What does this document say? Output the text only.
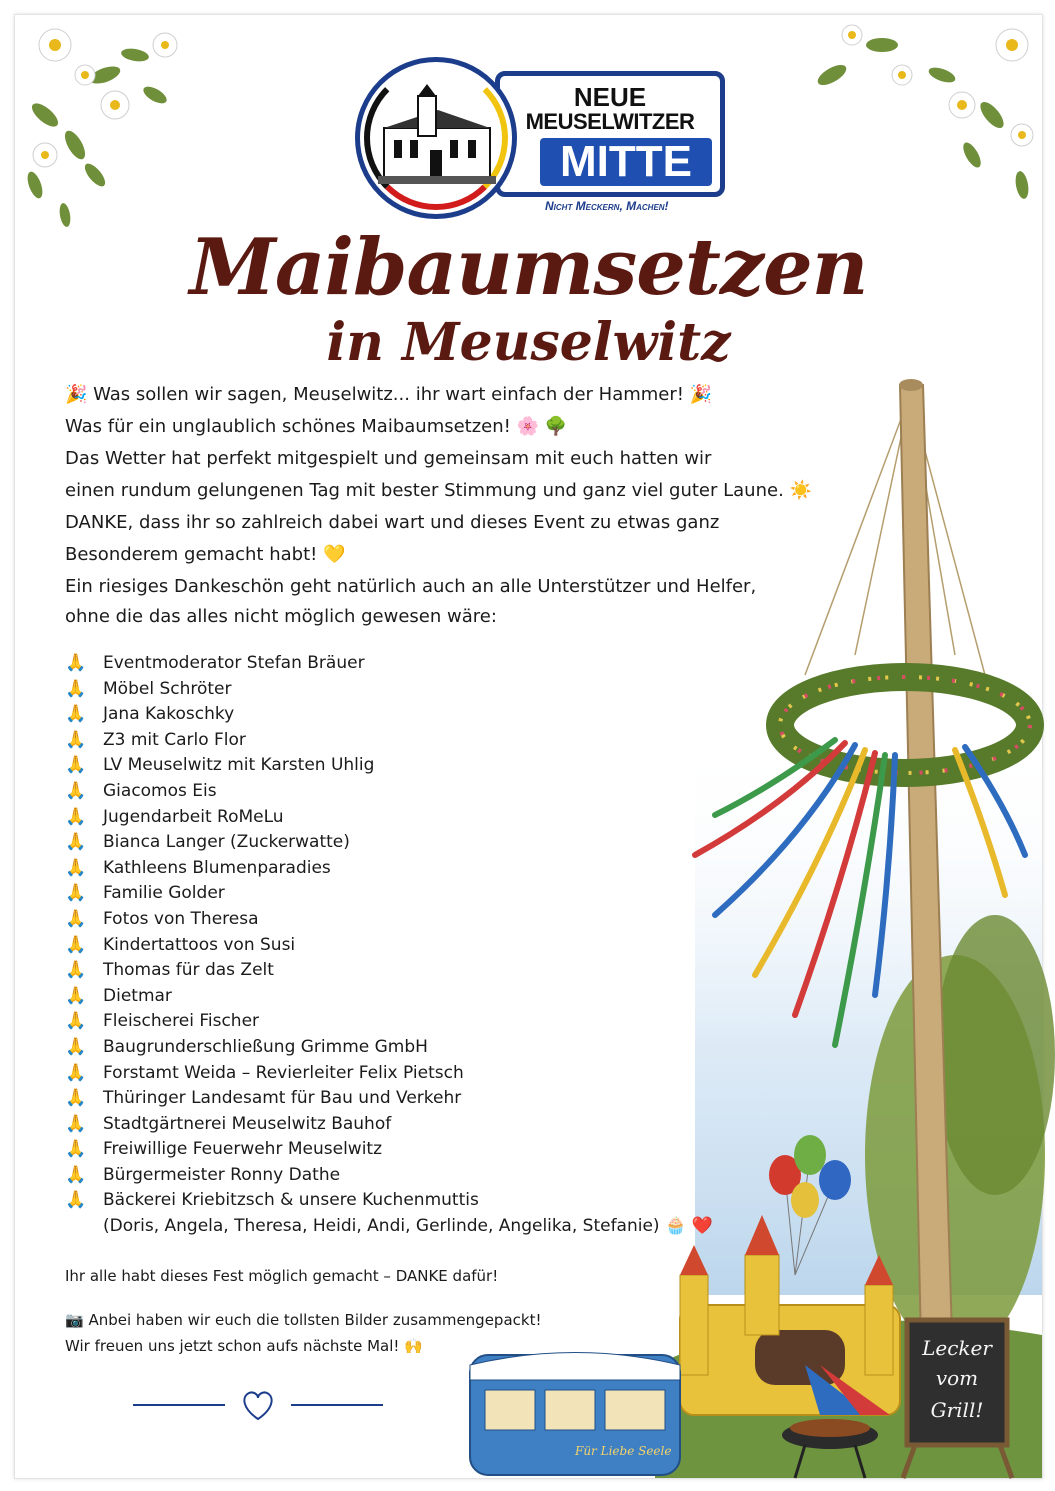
Für Liebe Seele
Lecker
vom
Grill!
NEUE
MEUSELWITZER
MITTE
Nicht Meckern, Machen!
Maibaumsetzen
in Meuselwitz

🎉 Was sollen wir sagen, Meuselwitz... ihr wart einfach der Hammer! 🎉

Was für ein unglaublich schönes Maibaumsetzen! 🌸 🌳

Das Wetter hat perfekt mitgespielt und gemeinsam mit euch hatten wir

einen rundum gelungenen Tag mit bester Stimmung und ganz viel guter Laune. ☀️

DANKE, dass ihr so zahlreich dabei wart und dieses Event zu etwas ganz

Besonderem gemacht habt! 💛

Ein riesiges Dankeschön geht natürlich auch an alle Unterstützer und Helfer,

ohne die das alles nicht möglich gewesen wäre:

🙏 Eventmoderator Stefan Bräuer
🙏 Möbel Schröter
🙏 Jana Kakoschky
🙏 Z3 mit Carlo Flor
🙏 LV Meuselwitz mit Karsten Uhlig
🙏 Giacomos Eis
🙏 Jugendarbeit RoMeLu
🙏 Bianca Langer (Zuckerwatte)
🙏 Kathleens Blumenparadies
🙏 Familie Golder
🙏 Fotos von Theresa
🙏 Kindertattoos von Susi
🙏 Thomas für das Zelt
🙏 Dietmar
🙏 Fleischerei Fischer
🙏 Baugrunderschließung Grimme GmbH
🙏 Forstamt Weida – Revierleiter Felix Pietsch
🙏 Thüringer Landesamt für Bau und Verkehr
🙏 Stadtgärtnerei Meuselwitz Bauhof
🙏 Freiwillige Feuerwehr Meuselwitz
🙏 Bürgermeister Ronny Dathe
🙏 Bäckerei Kriebitzsch & unsere Kuchenmuttis
(Doris, Angela, Theresa, Heidi, Andi, Gerlinde, Angelika, Stefanie) 🧁 ❤️

Ihr alle habt dieses Fest möglich gemacht – DANKE dafür!

📷 Anbei haben wir euch die tollsten Bilder zusammengepackt!

Wir freuen uns jetzt schon aufs nächste Mal! 🙌
